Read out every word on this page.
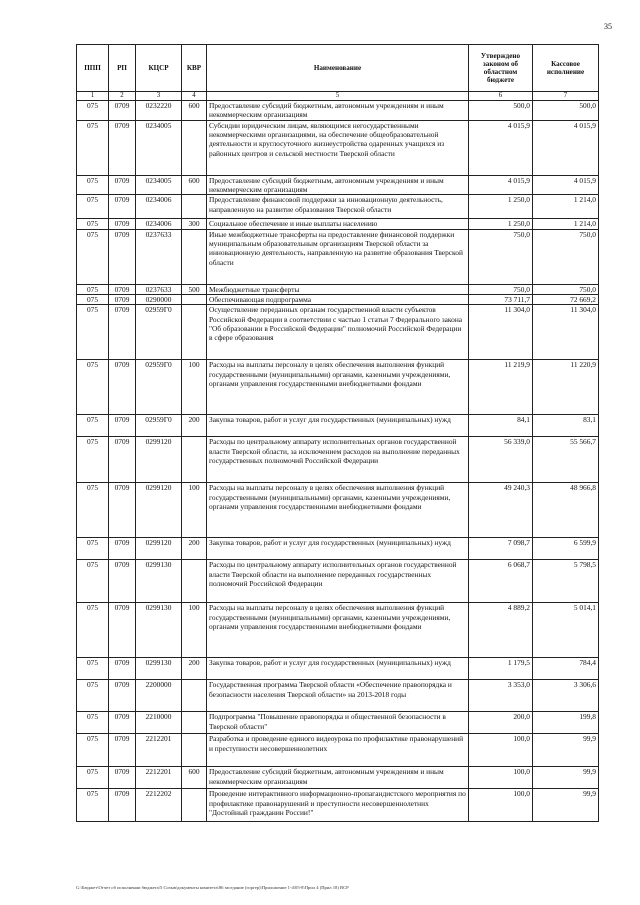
35
ППП	РП	КЦСР	КВР	Наименование	Утверждено законом об областном бюджете	Кассовое исполнение
1	2	3	4	5	6	7
075	0709	0232220	600	Предоставление субсидий бюджетным, автономным учреждениям и иным некоммерческим организациям	500,0	500,0
075	0709	0234005		Субсидии юридическим лицам, являющимся негосударственными некоммерческими организациями, на обеспечение общеобразовательной деятельности и круглосуточного жизнеустройства одаренных учащихся из районных центров и сельской местности Тверской области	4 015,9	4 015,9
075	0709	0234005	600	Предоставление субсидий бюджетным, автономным учреждениям и иным некоммерческим организациям	4 015,9	4 015,9
075	0709	0234006		Предоставление финансовой поддержки за инновационную деятельность, направленную на развитие образования Тверской области	1 250,0	1 214,0
075	0709	0234006	300	Социальное обеспечение и иные выплаты населению	1 250,0	1 214,0
075	0709	0237633		Иные межбюджетные трансферты на предоставление финансовой поддержки муниципальным образовательным организациям Тверской области за инновационную деятельность, направленную на развитие образования Тверской области	750,0	750,0
075	0709	0237633	500	Межбюджетные трансферты	750,0	750,0
075	0709	0290000		Обеспечивающая подпрограмма	73 711,7	72 669,2
075	0709	02959Г0		Осуществление переданных органам государственной власти субъектов Российской Федерации в соответствии с частью 1 статьи 7 Федерального закона "Об образовании в Российской Федерации" полномочий Российской Федерации в сфере образования	11 304,0	11 304,0
075	0709	02959Г0	100	Расходы на выплаты персоналу в целях обеспечения выполнения функций государственными (муниципальными) органами, казенными учреждениями, органами управления государственными внебюджетными фондами	11 219,9	11 220,9
075	0709	02959Г0	200	Закупка товаров, работ и услуг для государственных (муниципальных) нужд	84,1	83,1
075	0709	0299120		Расходы по центральному аппарату исполнительных органов государственной власти Тверской области, за исключением расходов на выполнение переданных государственных полномочий Российской Федерации	56 339,0	55 566,7
075	0709	0299120	100	Расходы на выплаты персоналу в целях обеспечения выполнения функций государственными (муниципальными) органами, казенными учреждениями, органами управления государственными внебюджетными фондами	49 240,3	48 966,8
075	0709	0299120	200	Закупка товаров, работ и услуг для государственных (муниципальных) нужд	7 098,7	6 599,9
075	0709	0299130		Расходы по центральному аппарату исполнительных органов государственной власти Тверской области на выполнение переданных государственных полномочий Российской Федерации	6 068,7	5 798,5
075	0709	0299130	100	Расходы на выплаты персоналу в целях обеспечения выполнения функций государственными (муниципальными) органами, казенными учреждениями, органами управления государственными внебюджетными фондами	4 889,2	5 014,1
075	0709	0299130	200	Закупка товаров, работ и услуг для государственных (муниципальных) нужд	1 179,5	784,4
075	0709	2200000		Государственная программа Тверской области «Обеспечение правопорядка и безопасности населения Тверской области» на 2013-2018 годы	3 353,0	3 306,6
075	0709	2210000		Подпрограмма "Повышение правопорядка и общественной безопасности в Тверской области"	200,0	199,8
075	0709	2212201		Разработка и проведение единого видеоурока по профилактике правонарушений и преступности несовершеннолетних	100,0	99,9
075	0709	2212201	600	Предоставление субсидий бюджетным, автономным учреждениям и иным некоммерческим организациям	100,0	99,9
075	0709	2212202		Проведение интерактивного информационно-пропагандистского мероприятия по профилактике правонарушений и преступности несовершеннолетних "Достойный гражданин России!"	100,0	99,9
G:\Бюджет\Отчет об исполнении бюджета\5 Созыв\документы комитета\86 заседание (горгер)\Приложение 1-4\05-8\Прил 4 (Прил 18) ВСР
